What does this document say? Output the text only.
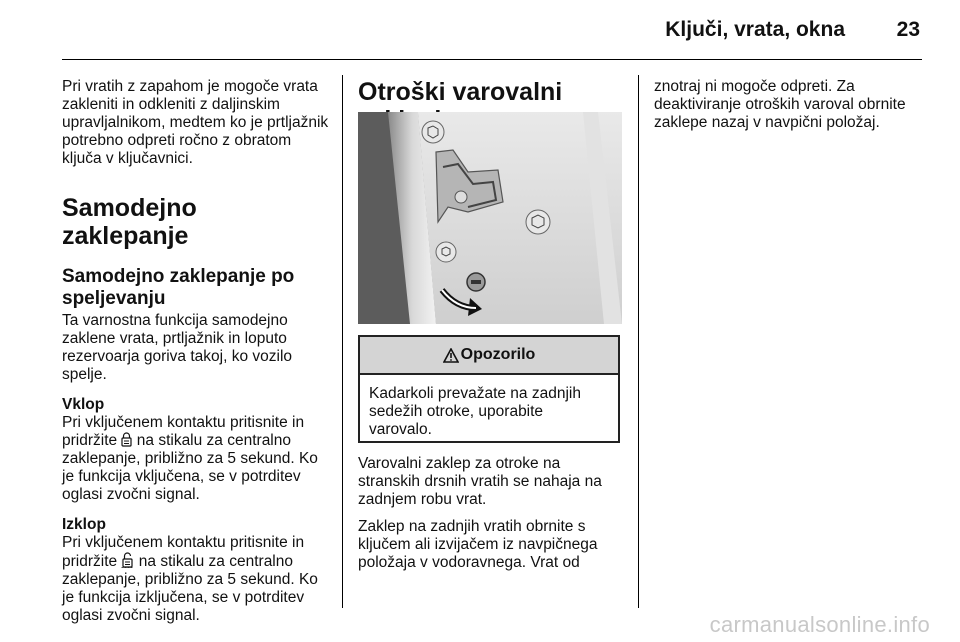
Ključi, vrata, okna	23

Pri vratih z zapahom je mogoče vrata zakleniti in odkleniti z daljinskim upravljalnikom, medtem ko je prtljažnik potrebno odpreti ročno z obratom ključa v ključavnici.

Samodejno zaklepanje
Samodejno zaklepanje po speljevanju

Ta varnostna funkcija samodejno zaklene vrata, prtljažnik in loputo rezervoarja goriva takoj, ko vozilo spelje.

Vklop
Pri vključenem kontaktu pritisnite in pridržite na stikalu za centralno zaklepanje, približno za 5 sekund. Ko je funkcija vključena, se v potrditev oglasi zvočni signal.

Izklop
Pri vključenem kontaktu pritisnite in pridržite na stikalu za centralno zaklepanje, približno za 5 sekund. Ko je funkcija izključena, se v potrditev oglasi zvočni signal.

Otroški varovalni
Opozorilo
Kadarkoli prevažate na zadnjih sedežih otroke, uporabite varovalo.

Varovalni zaklep za otroke na stranskih drsnih vratih se nahaja na zadnjem robu vrat.

Zaklep na zadnjih vratih obrnite s ključem ali izvijačem iz navpičnega položaja v vodoravnega. Vrat od

znotraj ni mogoče odpreti. Za deaktiviranje otroških varoval obrnite zaklepe nazaj v navpični položaj.

carmanualsonline.info
